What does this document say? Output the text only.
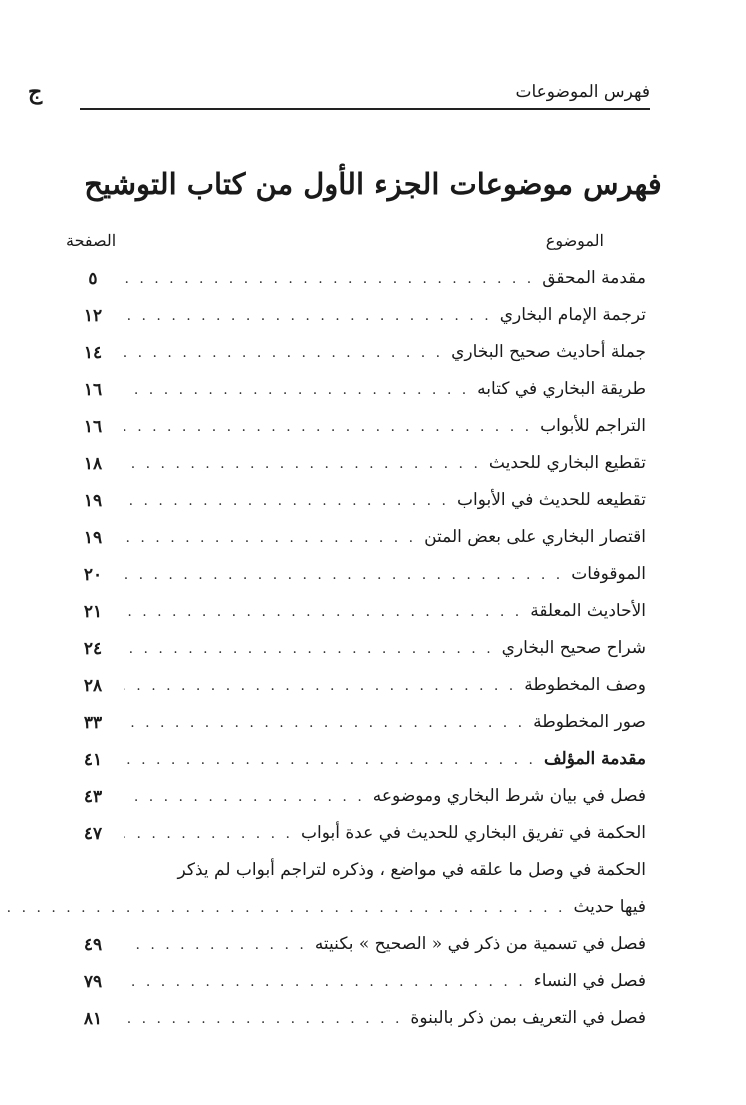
فهرس الموضوعات
ج
فهرس موضوعات الجزء الأول من كتاب التوشيح
الموضوع
الصفحة
مقدمة المحقق
. . .
٥
ترجمة الإمام البخاري
. . .
١٢
جملة أحاديث صحيح البخاري
. . .
١٤
طريقة البخاري في كتابه
. . .
١٦
التراجم للأبواب
. . .
١٦
تقطيع البخاري للحديث
. . .
١٨
تقطيعه للحديث في الأبواب
. . .
١٩
اقتصار البخاري على بعض المتن
. . .
١٩
الموقوفات
. . .
٢٠
الأحاديث المعلقة
. . .
٢١
شراح صحيح البخاري
. . .
٢٤
وصف المخطوطة
. . .
٢٨
صور المخطوطة
. . .
٣٣
مقدمة المؤلف
. . .
٤١
فصل في بيان شرط البخاري وموضوعه
. . .
٤٣
الحكمة في تفريق البخاري للحديث في عدة أبواب
. . .
٤٧
الحكمة في وصل ما علقه في مواضع ، وذكره لتراجم أبواب لم يذكر
فيها حديث
. . .
فصل في تسمية من ذكر في « الصحيح » بكنيته
. . .
٤٩
فصل في النساء
. . .
٧٩
فصل في التعريف بمن ذكر بالبنوة
. . .
٨١
